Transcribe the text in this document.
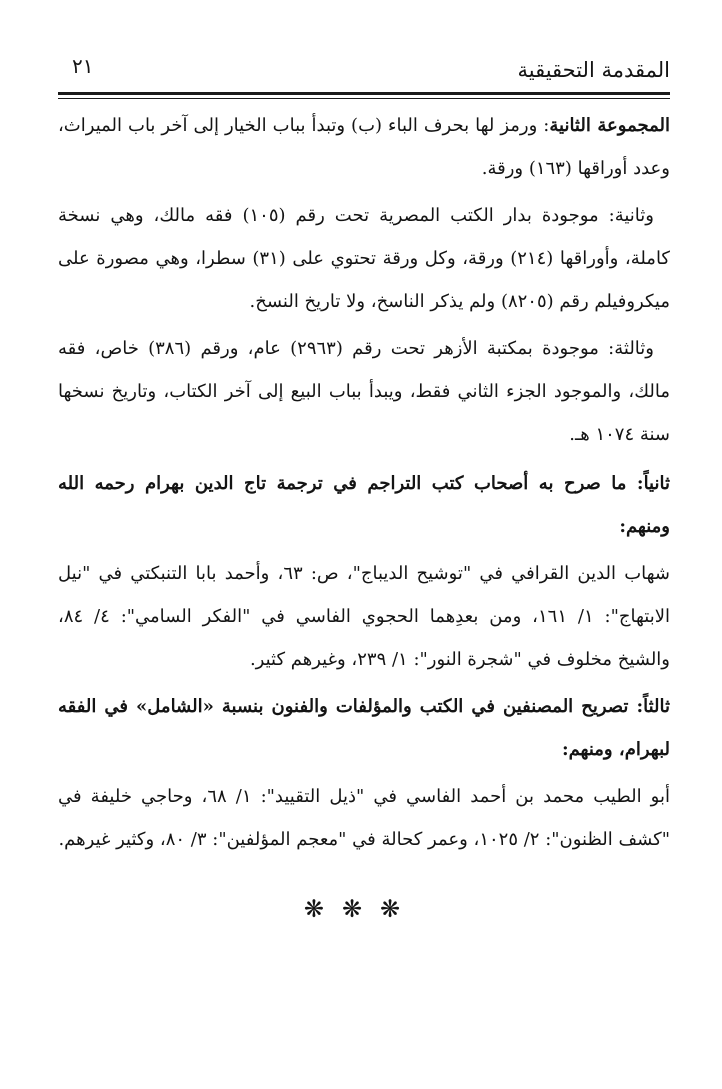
المقدمة التحقيقية
٢١

المجموعة الثانية: ورمز لها بحرف الباء (ب) وتبدأ بباب الخيار إلى آخر باب الميراث، وعدد أوراقها (١٦٣) ورقة.

وثانية: موجودة بدار الكتب المصرية تحت رقم (١٠٥) فقه مالك، وهي نسخة كاملة، وأوراقها (٢١٤) ورقة، وكل ورقة تحتوي على (٣١) سطرا، وهي مصورة على ميكروفيلم رقم (٨٢٠٥) ولم يذكر الناسخ، ولا تاريخ النسخ.

وثالثة: موجودة بمكتبة الأزهر تحت رقم (٢٩٦٣) عام، ورقم (٣٨٦) خاص، فقه مالك، والموجود الجزء الثاني فقط، ويبدأ بباب البيع إلى آخر الكتاب، وتاريخ نسخها سنة ١٠٧٤ هـ.

ثانياً: ما صرح به أصحاب كتب التراجم في ترجمة تاج الدين بهرام رحمه الله ومنهم:

شهاب الدين القرافي في "توشيح الديباج"، ص: ٦٣، وأحمد بابا التنبكتي في "نيل الابتهاج": ١/ ١٦١، ومن بعدِهما الحجوي الفاسي في "الفكر السامي": ٤/ ٨٤، والشيخ مخلوف في "شجرة النور": ١/ ٢٣٩، وغيرهم كثير.

ثالثاً: تصريح المصنفين في الكتب والمؤلفات والفنون بنسبة «الشامل» في الفقه لبهرام، ومنهم:

أبو الطيب محمد بن أحمد الفاسي في "ذيل التقييد": ١/ ٦٨، وحاجي خليفة في "كشف الظنون": ٢/ ١٠٢٥، وعمر كحالة في "معجم المؤلفين": ٣/ ٨٠، وكثير غيرهم.

❋❋❋
